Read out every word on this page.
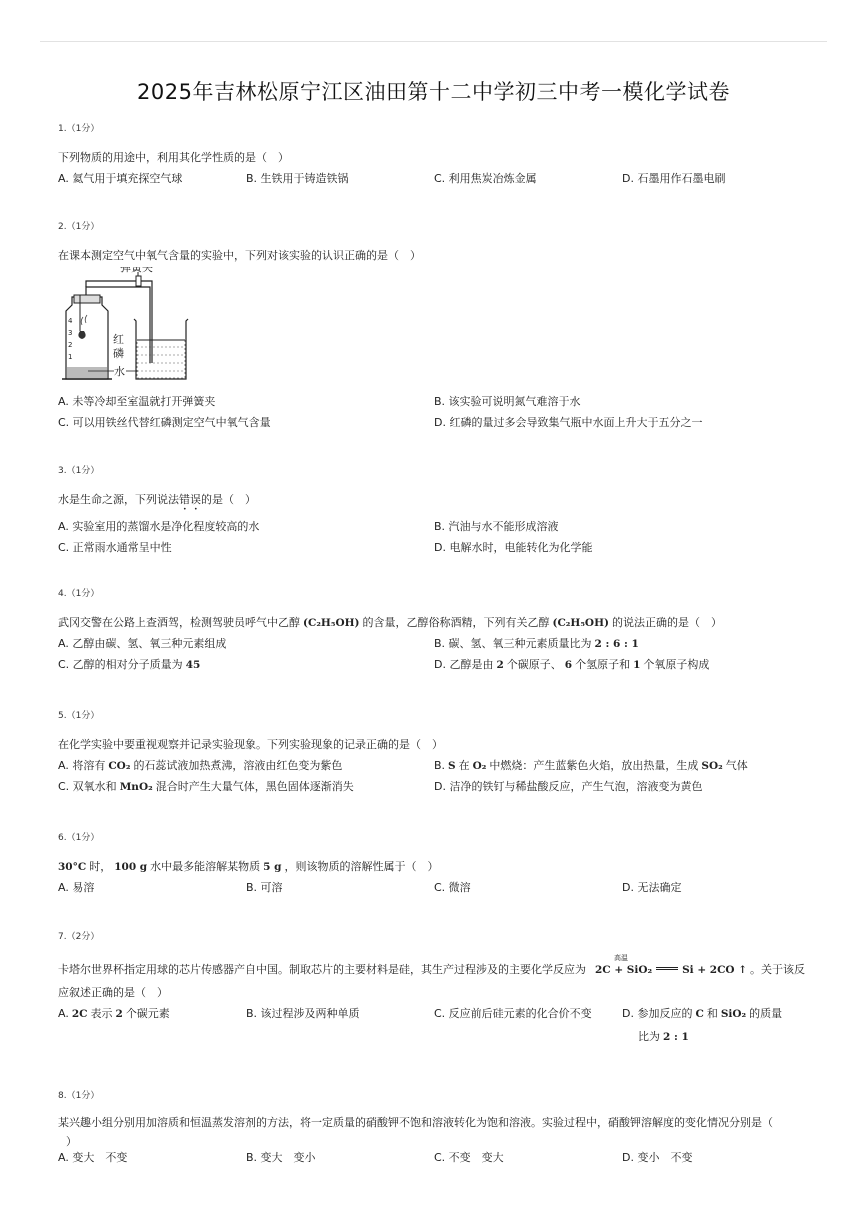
2025年吉林松原宁江区油田第十二中学初三中考一模化学试卷
1.（1分）
下列物质的用途中，利用其化学性质的是（　）
A. 氦气用于填充探空气球	B. 生铁用于铸造铁锅	C. 利用焦炭冶炼金属	D. 石墨用作石墨电刷
2.（1分）
在课本测定空气中氧气含量的实验中，下列对该实验的认识正确的是（　）
弹簧夹
4
3
2
1
红
磷
水
A. 未等冷却至室温就打开弹簧夹	B. 该实验可说明氮气难溶于水
C. 可以用铁丝代替红磷测定空气中氧气含量	D. 红磷的量过多会导致集气瓶中水面上升大于五分之一
3.（1分）
水是生命之源，下列说法错误的是（　）
A. 实验室用的蒸馏水是净化程度较高的水	B. 汽油与水不能形成溶液
C. 正常雨水通常呈中性	D. 电解水时，电能转化为化学能
4.（1分）
武冈交警在公路上查酒驾，检测驾驶员呼气中乙醇 (C₂H₅OH) 的含量，乙醇俗称酒精，下列有关乙醇 (C₂H₅OH) 的说法正确的是（　）
A. 乙醇由碳、氢、氧三种元素组成	B. 碳、氢、氧三种元素质量比为 2 : 6 : 1
C. 乙醇的相对分子质量为 45	D. 乙醇是由 2 个碳原子、 6 个氢原子和 1 个氧原子构成
5.（1分）
在化学实验中要重视观察并记录实验现象。下列实验现象的记录正确的是（　）
A. 将溶有 CO₂ 的石蕊试液加热煮沸，溶液由红色变为紫色	B. S 在 O₂ 中燃烧：产生蓝紫色火焰，放出热量，生成 SO₂ 气体
C. 双氧水和 MnO₂ 混合时产生大量气体，黑色固体逐渐消失	D. 洁净的铁钉与稀盐酸反应，产生气泡，溶液变为黄色
6.（1分）
30°C 时， 100 g 水中最多能溶解某物质 5 g ，则该物质的溶解性属于（　）
A. 易溶	B. 可溶	C. 微溶	D. 无法确定
7.（2分）
卡塔尔世界杯指定用球的芯片传感器产自中国。制取芯片的主要材料是硅，其生产过程涉及的主要化学反应为 2C + SiO₂
高温
Si + 2CO ↑ 。关于该反
应叙述正确的是（　）
A. 2C 表示 2 个碳元素	B. 该过程涉及两种单质	C. 反应前后硅元素的化合价不变	D. 参加反应的 C 和 SiO₂ 的质量
比为 2 : 1
8.（1分）
某兴趣小组分别用加溶质和恒温蒸发溶剂的方法，将一定质量的硝酸钾不饱和溶液转化为饱和溶液。实验过程中，硝酸钾溶解度的变化情况分别是（
）
A. 变大　不变	B. 变大　变小	C. 不变　变大	D. 变小　不变
